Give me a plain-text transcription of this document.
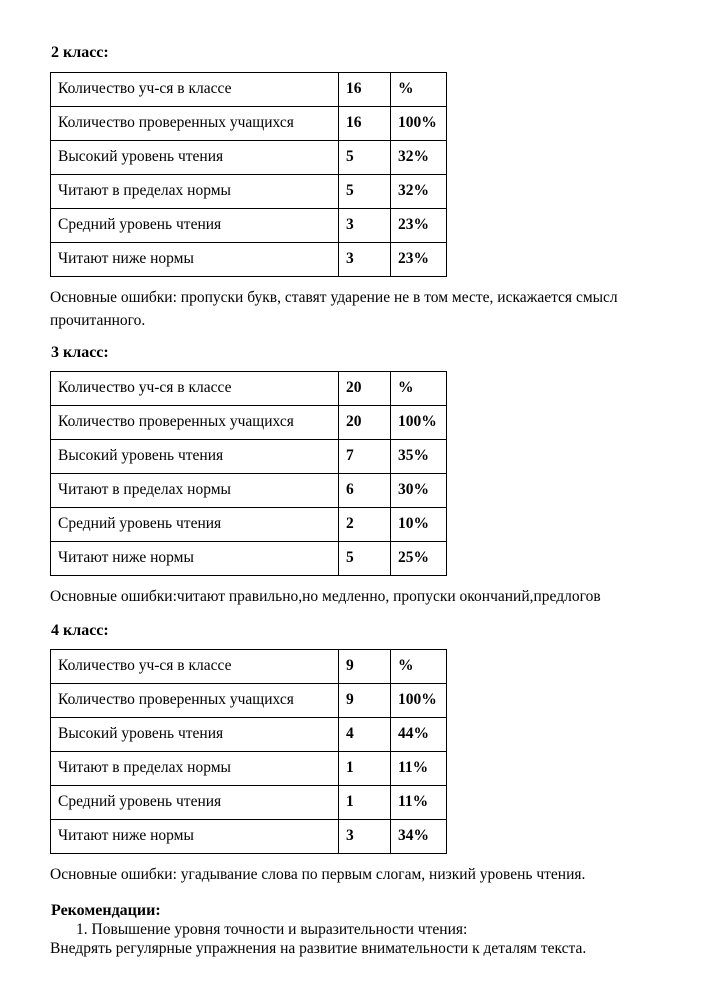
2 класс:
Количество уч-ся в классе	16	%
Количество проверенных учащихся	16	100%
Высокий уровень чтения	5	32%
Читают в пределах нормы	5	32%
Средний уровень чтения	3	23%
Читают ниже нормы	3	23%
Основные ошибки: пропуски букв, ставят ударение не в том месте, искажается смысл прочитанного.
3 класс:
Количество уч-ся в классе	20	%
Количество проверенных учащихся	20	100%
Высокий уровень чтения	7	35%
Читают в пределах нормы	6	30%
Средний уровень чтения	2	10%
Читают ниже нормы	5	25%
Основные ошибки:читают правильно,но медленно, пропуски окончаний,предлогов
4 класс:
Количество уч-ся в классе	9	%
Количество проверенных учащихся	9	100%
Высокий уровень чтения	4	44%
Читают в пределах нормы	1	11%
Средний уровень чтения	1	11%
Читают ниже нормы	3	34%
Основные ошибки: угадывание слова по первым слогам, низкий уровень чтения.
Рекомендации:
1. Повышение уровня точности и выразительности чтения:
Внедрять регулярные упражнения на развитие внимательности к деталям текста.
